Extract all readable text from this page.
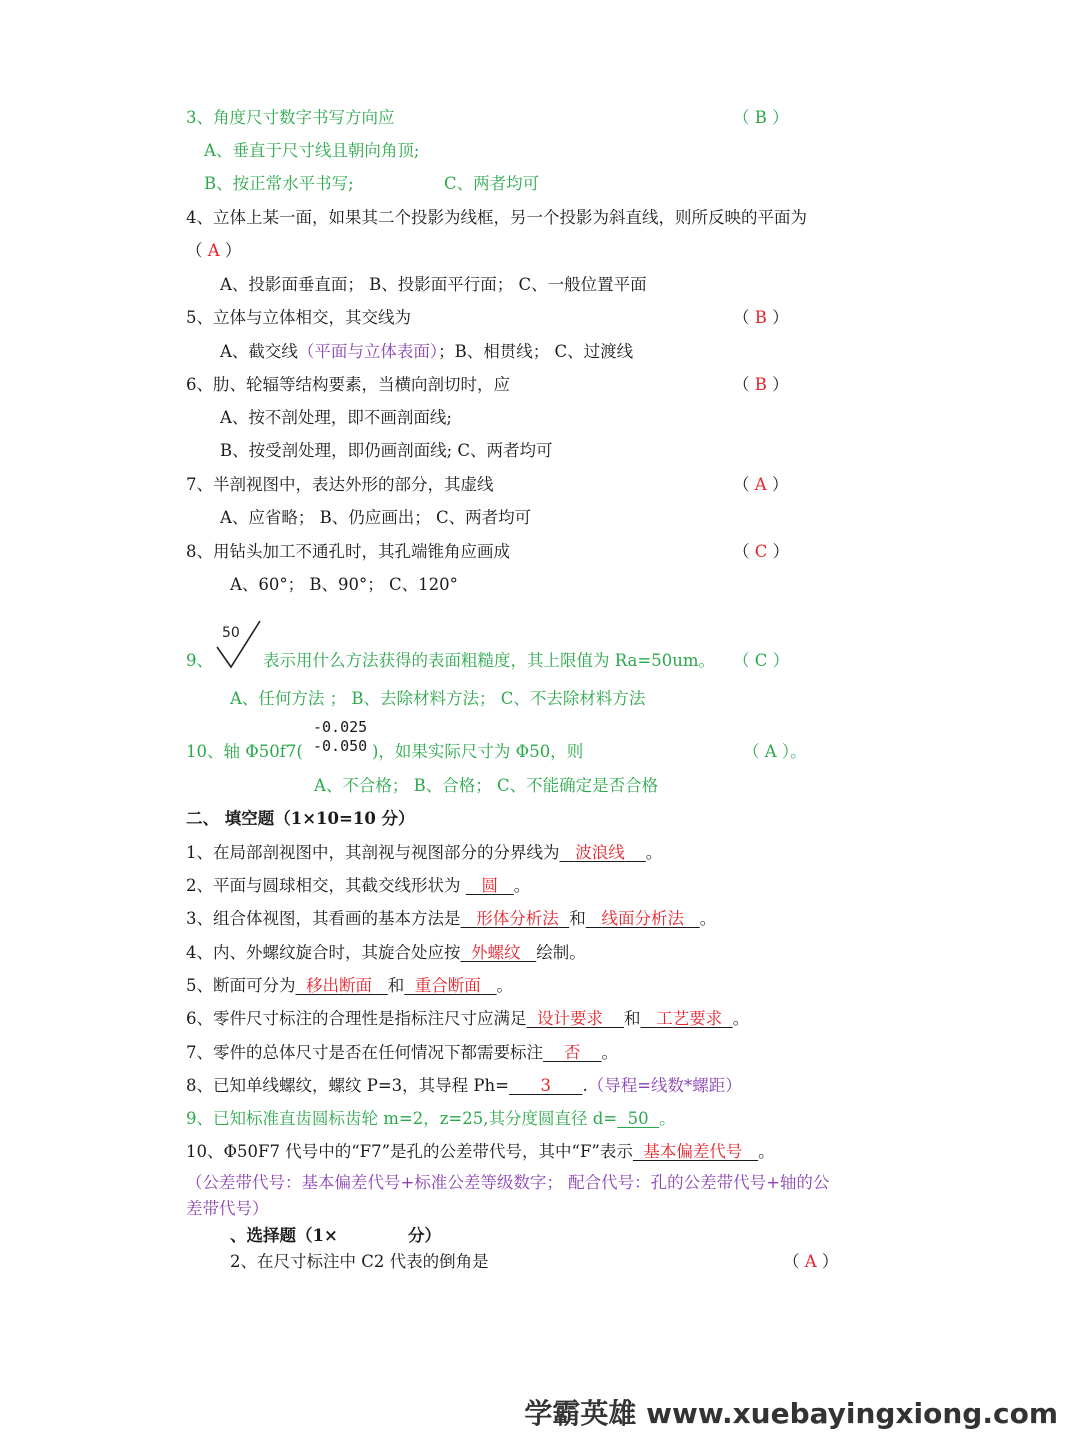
3、角度尺寸数字书写方向应	（ B ）
A、垂直于尺寸线且朝向角顶;
B、按正常水平书写;	C、两者均可
4、立体上某一面，如果其二个投影为线框，另一个投影为斜直线，则所反映的平面为
（ A ）
A、投影面垂直面； B、投影面平行面； C、一般位置平面
5、立体与立体相交，其交线为	（ B ）
A、截交线（平面与立体表面）；B、相贯线； C、过渡线
6、肋、轮辐等结构要素，当横向剖切时，应	（ B ）
A、按不剖处理，即不画剖面线;
B、按受剖处理，即仍画剖面线; C、两者均可
7、半剖视图中，表达外形的部分，其虚线	（ A ）
A、应省略； B、仍应画出； C、两者均可
8、用钻头加工不通孔时，其孔端锥角应画成	（ C ）
A、60°； B、90°； C、120°
50
9、	表示用什么方法获得的表面粗糙度，其上限值为 Ra=50um。 （ C ）
A、任何方法 ； B、去除材料方法； C、不去除材料方法
-0.025
-0.050
10、轴 Φ50f7(	)，如果实际尺寸为 Φ50，则	（ A ）。
A、不合格； B、合格； C、不能确定是否合格
二、 填空题（1×10=10 分）
1、在局部剖视图中，其剖视与视图部分的分界线为 波浪线 。
2、平面与圆球相交，其截交线形状为    圆 。
3、组合体视图，其看画的基本方法是 形体分析法 和 线面分析法 。
4、内、外螺纹旋合时，其旋合处应按 外螺纹 绘制。
5、断面可分为 移出断面 和 重合断面 。
6、零件尺寸标注的合理性是指标注尺寸应满足 设计要求 和 工艺要求 。
7、零件的总体尺寸是否在任何情况下都需要标注 否 。
8、已知单线螺纹，螺纹 P=3，其导程 Ph= 3 .（导程=线数*螺距）
9、已知标准直齿圆标齿轮 m=2，z=25,其分度圆直径 d= 50 。
10、Φ50F7 代号中的“F7”是孔的公差带代号，其中“F”表示 基本偏差代号 。
（公差带代号：基本偏差代号+标准公差等级数字； 配合代号：孔的公差带代号+轴的公
差带代号）
、选择题（1×	分）
2、在尺寸标注中 C2 代表的倒角是	（ A ）
学霸英雄 www.xuebayingxiong.com
